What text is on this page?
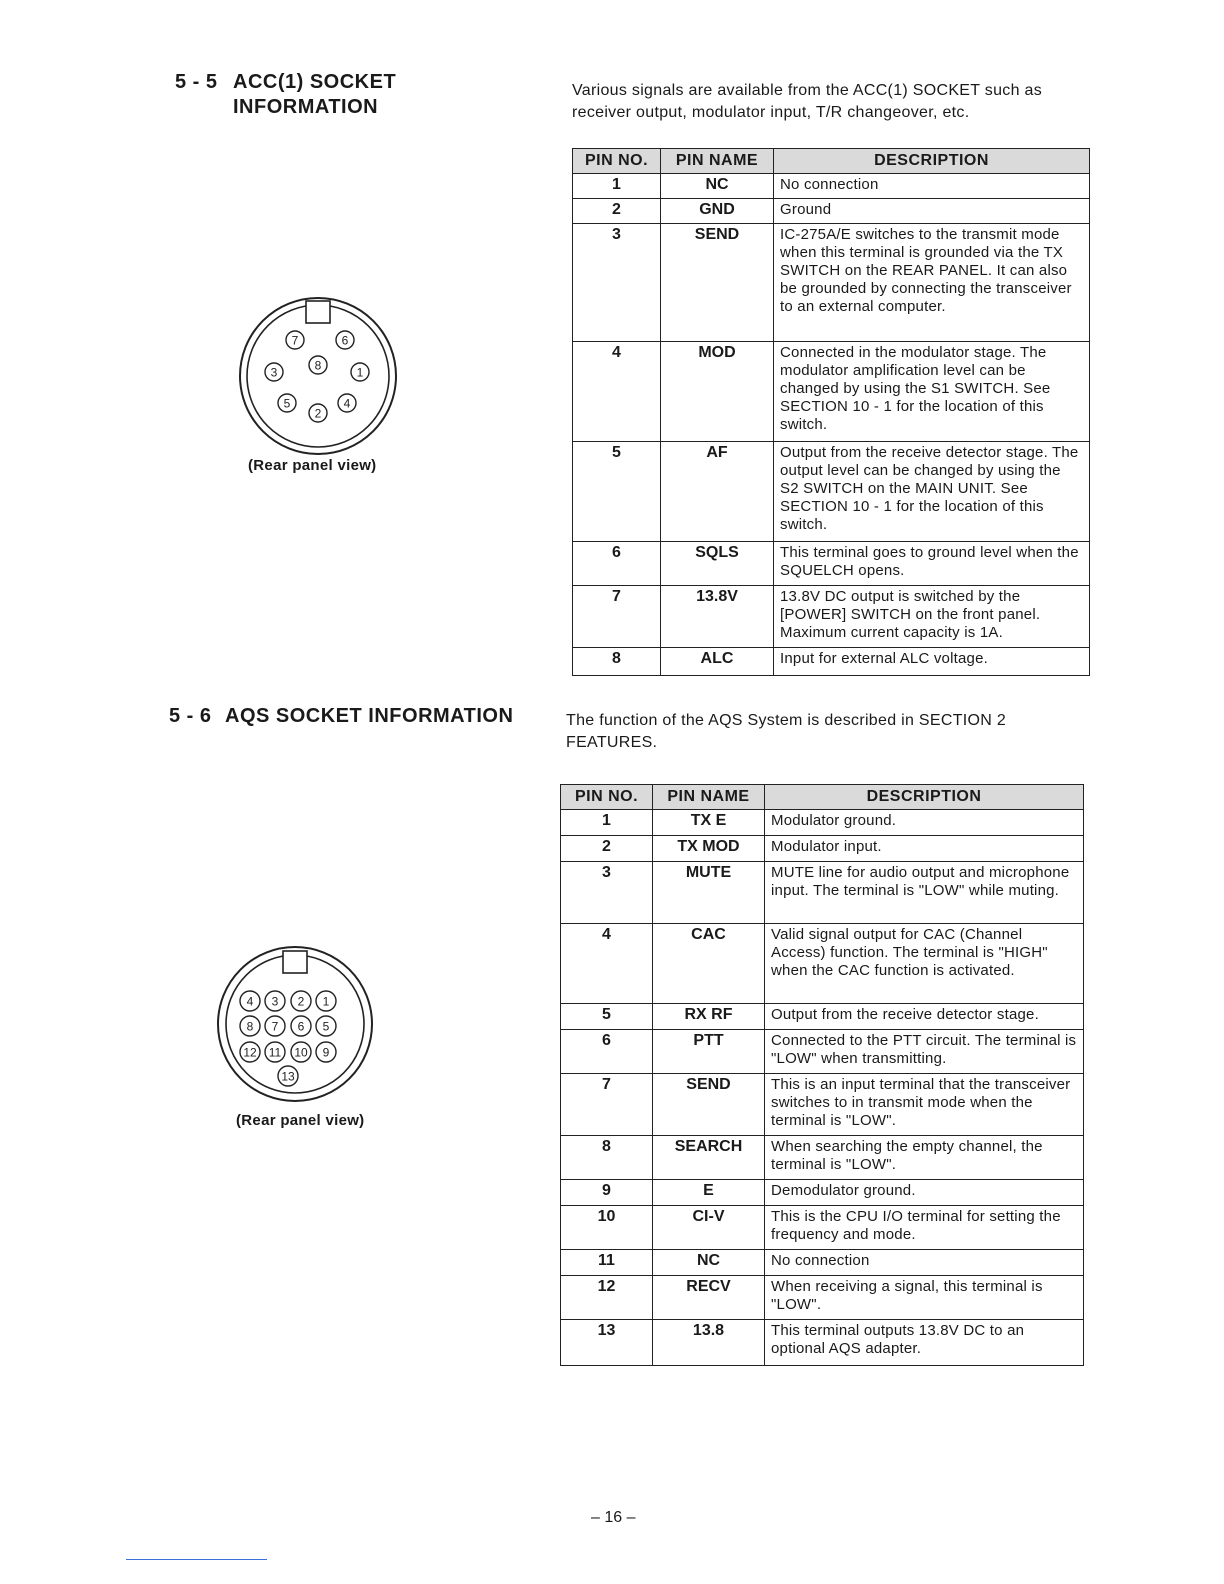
5 - 5 ACC(1) SOCKET
INFORMATION

Various signals are available from the ACC(1) SOCKET such as receiver output, modulator input, T/R changeover, etc.

PIN NO.	PIN NAME	DESCRIPTION
1	NC	No connection
2	GND	Ground
3	SEND	IC-275A/E switches to the transmit mode when this terminal is grounded via the TX SWITCH on the REAR PANEL. It can also be grounded by connecting the transceiver to an external computer.
4	MOD	Connected in the modulator stage. The modulator amplification level can be changed by using the S1 SWITCH. See SECTION 10 - 1 for the location of this switch.
5	AF	Output from the receive detector stage. The output level can be changed by using the S2 SWITCH on the MAIN UNIT. See SECTION 10 - 1 for the location of this switch.
6	SQLS	This terminal goes to ground level when the SQUELCH opens.
7	13.8V	13.8V DC output is switched by the [POWER] SWITCH on the front panel. Maximum current capacity is 1A.
8	ALC	Input for external ALC voltage.
7	6
3	8	1
5
2
4

(Rear panel view)

5 - 6 AQS SOCKET INFORMATION	The function of the AQS System is described in SECTION 2 FEATURES.

PIN NO.	PIN NAME	DESCRIPTION
1	TX E	Modulator ground.
2	TX MOD	Modulator input.
3	MUTE	MUTE line for audio output and microphone input. The terminal is "LOW" while muting.
4	CAC	Valid signal output for CAC (Channel Access) function. The terminal is "HIGH" when the CAC function is activated.
5	RX RF	Output from the receive detector stage.
6	PTT	Connected to the PTT circuit. The terminal is "LOW" when transmitting.
7	SEND	This is an input terminal that the transceiver switches to in transmit mode when the terminal is "LOW".
8	SEARCH	When searching the empty channel, the terminal is "LOW".
9	E	Demodulator ground.
10	CI-V	This is the CPU I/O terminal for setting the frequency and mode.
11	NC	No connection
12	RECV	When receiving a signal, this terminal is "LOW".
13	13.8	This terminal outputs 13.8V DC to an optional AQS adapter.
4 3 2 1
8 7 6 5
12 11 10 9
13

(Rear panel view)

– 16 –
